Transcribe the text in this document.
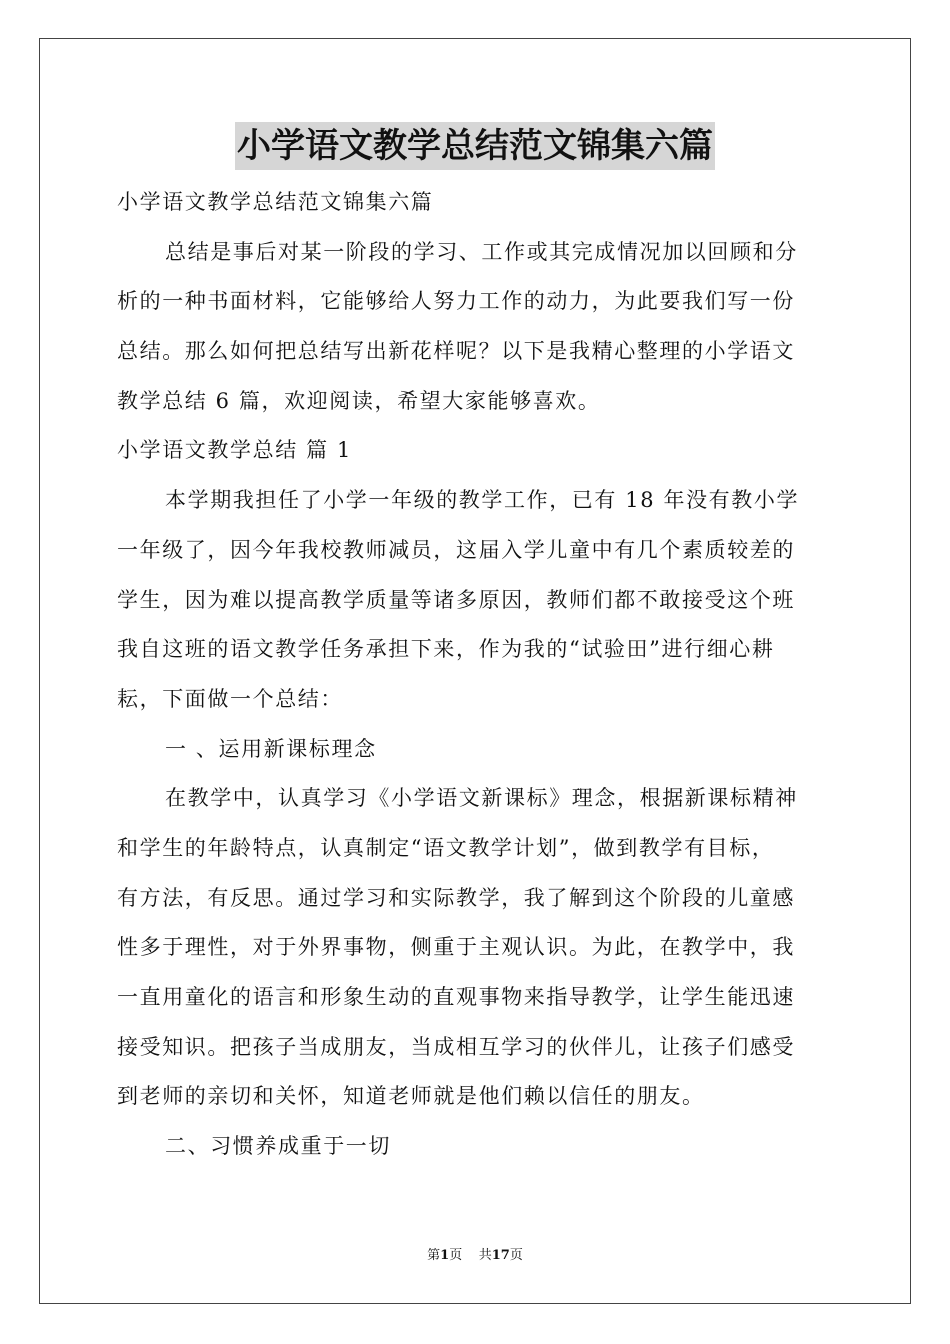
小学语文教学总结范文锦集六篇
小学语文教学总结范文锦集六篇
总结是事后对某一阶段的学习、工作或其完成情况加以回顾和分
析的一种书面材料，它能够给人努力工作的动力，为此要我们写一份
总结。那么如何把总结写出新花样呢？以下是我精心整理的小学语文
教学总结 6 篇，欢迎阅读，希望大家能够喜欢。
小学语文教学总结 篇 1
本学期我担任了小学一年级的教学工作，已有 18 年没有教小学
一年级了，因今年我校教师减员，这届入学儿童中有几个素质较差的
学生，因为难以提高教学质量等诸多原因，教师们都不敢接受这个班
我自这班的语文教学任务承担下来，作为我的“试验田”进行细心耕
耘，下面做一个总结：
一 、运用新课标理念
在教学中，认真学习《小学语文新课标》理念，根据新课标精神
和学生的年龄特点，认真制定“语文教学计划”，做到教学有目标，
有方法，有反思。通过学习和实际教学，我了解到这个阶段的儿童感
性多于理性，对于外界事物，侧重于主观认识。为此，在教学中，我
一直用童化的语言和形象生动的直观事物来指导教学，让学生能迅速
接受知识。把孩子当成朋友，当成相互学习的伙伴儿，让孩子们感受
到老师的亲切和关怀，知道老师就是他们赖以信任的朋友。
二、习惯养成重于一切
第1页 共17页
